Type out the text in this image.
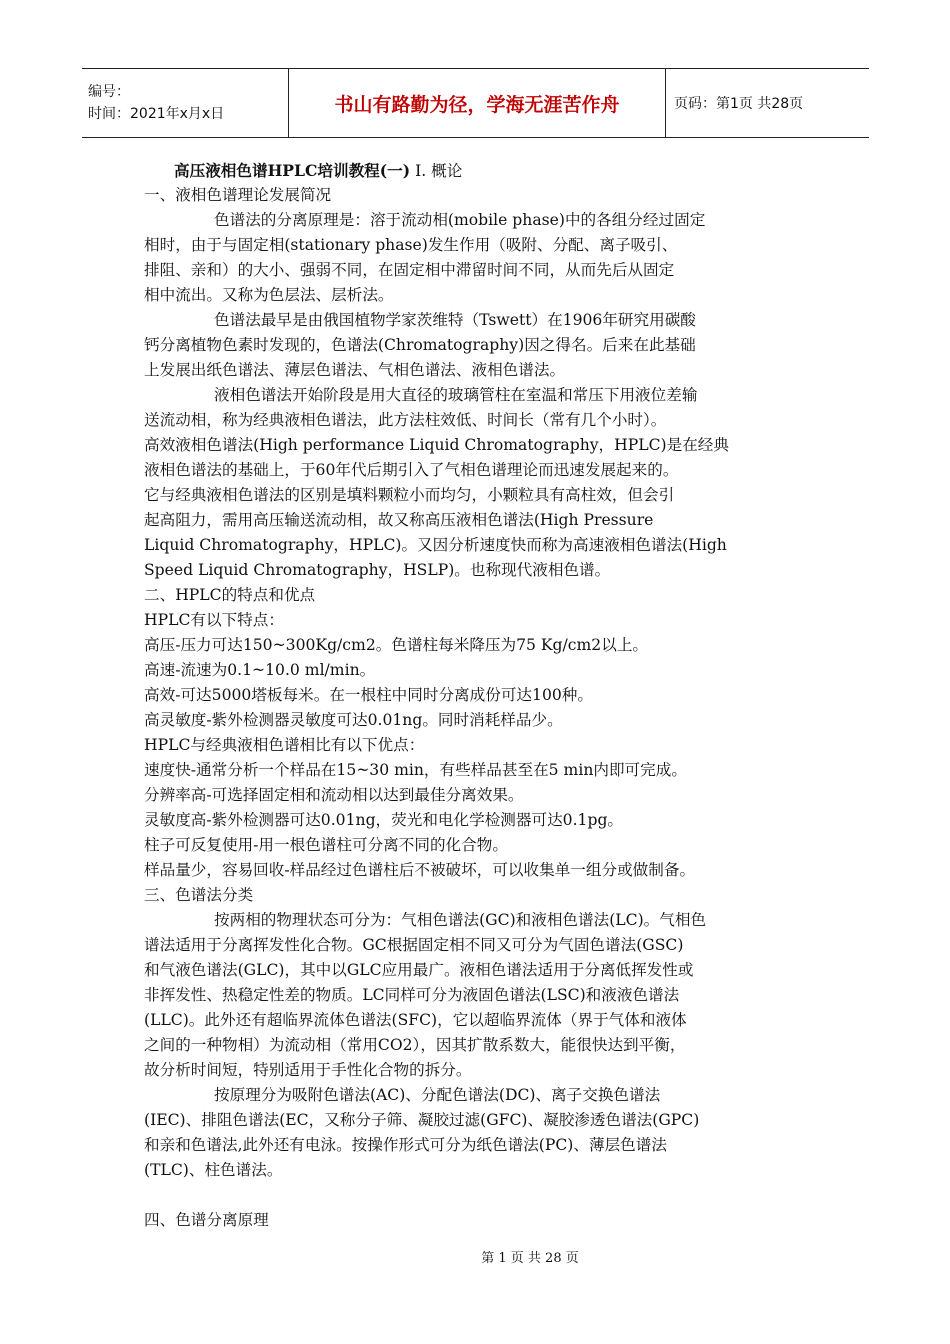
编号：
时间：2021年x月x日	书山有路勤为径，学海无涯苦作舟	页码：第1页 共28页
高压液相色谱HPLC培训教程(一) I. 概论
一、液相色谱理论发展简况
色谱法的分离原理是：溶于流动相(mobile phase)中的各组分经过固定
相时，由于与固定相(stationary phase)发生作用（吸附、分配、离子吸引、
排阻、亲和）的大小、强弱不同，在固定相中滞留时间不同，从而先后从固定
相中流出。又称为色层法、层析法。
色谱法最早是由俄国植物学家茨维特（Tswett）在1906年研究用碳酸
钙分离植物色素时发现的，色谱法(Chromatography)因之得名。后来在此基础
上发展出纸色谱法、薄层色谱法、气相色谱法、液相色谱法。
液相色谱法开始阶段是用大直径的玻璃管柱在室温和常压下用液位差输
送流动相，称为经典液相色谱法，此方法柱效低、时间长（常有几个小时）。
高效液相色谱法(High performance Liquid Chromatography，HPLC)是在经典
液相色谱法的基础上，于60年代后期引入了气相色谱理论而迅速发展起来的。
它与经典液相色谱法的区别是填料颗粒小而均匀，小颗粒具有高柱效，但会引
起高阻力，需用高压输送流动相，故又称高压液相色谱法(High Pressure
Liquid Chromatography，HPLC)。又因分析速度快而称为高速液相色谱法(High
Speed Liquid Chromatography，HSLP)。也称现代液相色谱。
二、HPLC的特点和优点
HPLC有以下特点：
高压-压力可达150~300Kg/cm2。色谱柱每米降压为75 Kg/cm2以上。
高速-流速为0.1~10.0 ml/min。
高效-可达5000塔板每米。在一根柱中同时分离成份可达100种。
高灵敏度-紫外检测器灵敏度可达0.01ng。同时消耗样品少。
HPLC与经典液相色谱相比有以下优点：
速度快-通常分析一个样品在15~30 min，有些样品甚至在5 min内即可完成。
分辨率高-可选择固定相和流动相以达到最佳分离效果。
灵敏度高-紫外检测器可达0.01ng，荧光和电化学检测器可达0.1pg。
柱子可反复使用-用一根色谱柱可分离不同的化合物。
样品量少，容易回收-样品经过色谱柱后不被破坏，可以收集单一组分或做制备。
三、色谱法分类
按两相的物理状态可分为：气相色谱法(GC)和液相色谱法(LC)。气相色
谱法适用于分离挥发性化合物。GC根据固定相不同又可分为气固色谱法(GSC)
和气液色谱法(GLC)，其中以GLC应用最广。液相色谱法适用于分离低挥发性或
非挥发性、热稳定性差的物质。LC同样可分为液固色谱法(LSC)和液液色谱法
(LLC)。此外还有超临界流体色谱法(SFC)，它以超临界流体（界于气体和液体
之间的一种物相）为流动相（常用CO2），因其扩散系数大，能很快达到平衡，
故分析时间短，特别适用于手性化合物的拆分。
按原理分为吸附色谱法(AC)、分配色谱法(DC)、离子交换色谱法
(IEC)、排阻色谱法(EC，又称分子筛、凝胶过滤(GFC)、凝胶渗透色谱法(GPC)
和亲和色谱法,此外还有电泳。按操作形式可分为纸色谱法(PC)、薄层色谱法
(TLC)、柱色谱法。
四、色谱分离原理
第 1 页 共 28 页
